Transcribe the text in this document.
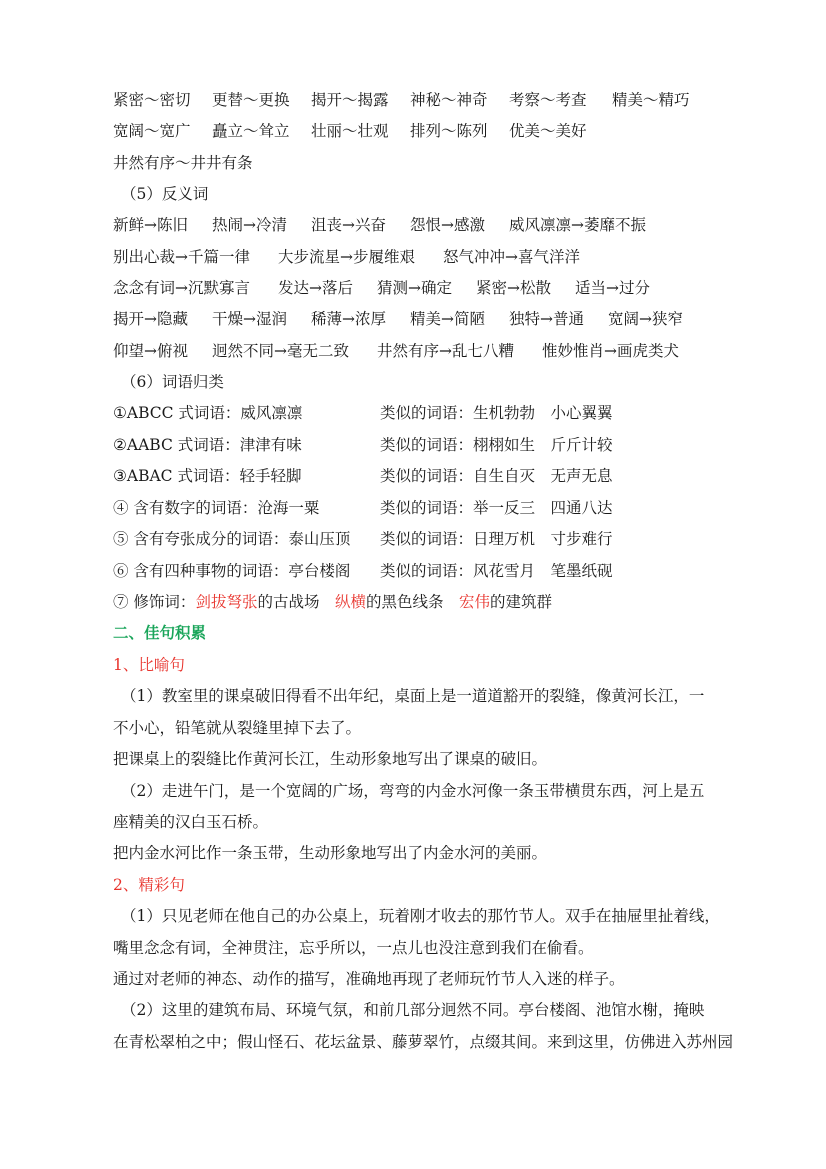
紧密～密切 更替～更换 揭开～揭露 神秘～神奇 考察～考查 精美～精巧
宽阔～宽广 矗立～耸立 壮丽～壮观 排列～陈列 优美～美好
井然有序～井井有条
（5）反义词
新鲜→陈旧 热闹→冷清 沮丧→兴奋 怨恨→感激 威风凛凛→萎靡不振
别出心裁→千篇一律 大步流星→步履维艰 怒气冲冲→喜气洋洋
念念有词→沉默寡言 发达→落后 猜测→确定 紧密→松散 适当→过分
揭开→隐藏 干燥→湿润 稀薄→浓厚 精美→简陋 独特→普通 宽阔→狭窄
仰望→俯视 迥然不同→毫无二致 井然有序→乱七八糟 惟妙惟肖→画虎类犬
（6）词语归类
①ABCC 式词语：威风凛凛	类似的词语：生机勃勃　小心翼翼
②AABC 式词语：津津有味	类似的词语：栩栩如生　斤斤计较
③ABAC 式词语：轻手轻脚	类似的词语：自生自灭　无声无息
④ 含有数字的词语：沧海一粟	类似的词语：举一反三　四通八达
⑤ 含有夸张成分的词语：泰山压顶 类似的词语：日理万机　寸步难行
⑥ 含有四种事物的词语：亭台楼阁 类似的词语：风花雪月　笔墨纸砚
⑦ 修饰词：剑拔弩张的古战场　纵横的黑色线条　宏伟的建筑群
二、佳句积累
1、比喻句
（1）教室里的课桌破旧得看不出年纪，桌面上是一道道豁开的裂缝，像黄河长江，一
不小心，铅笔就从裂缝里掉下去了。
把课桌上的裂缝比作黄河长江，生动形象地写出了课桌的破旧。
（2）走进午门，是一个宽阔的广场，弯弯的内金水河像一条玉带横贯东西，河上是五
座精美的汉白玉石桥。
把内金水河比作一条玉带，生动形象地写出了内金水河的美丽。
2、精彩句
（1）只见老师在他自己的办公桌上，玩着刚才收去的那竹节人。双手在抽屉里扯着线，
嘴里念念有词，全神贯注，忘乎所以，一点儿也没注意到我们在偷看。
通过对老师的神态、动作的描写，准确地再现了老师玩竹节人入迷的样子。
（2）这里的建筑布局、环境气氛，和前几部分迥然不同。亭台楼阁、池馆水榭，掩映
在青松翠柏之中；假山怪石、花坛盆景、藤萝翠竹，点缀其间。来到这里，仿佛进入苏州园
